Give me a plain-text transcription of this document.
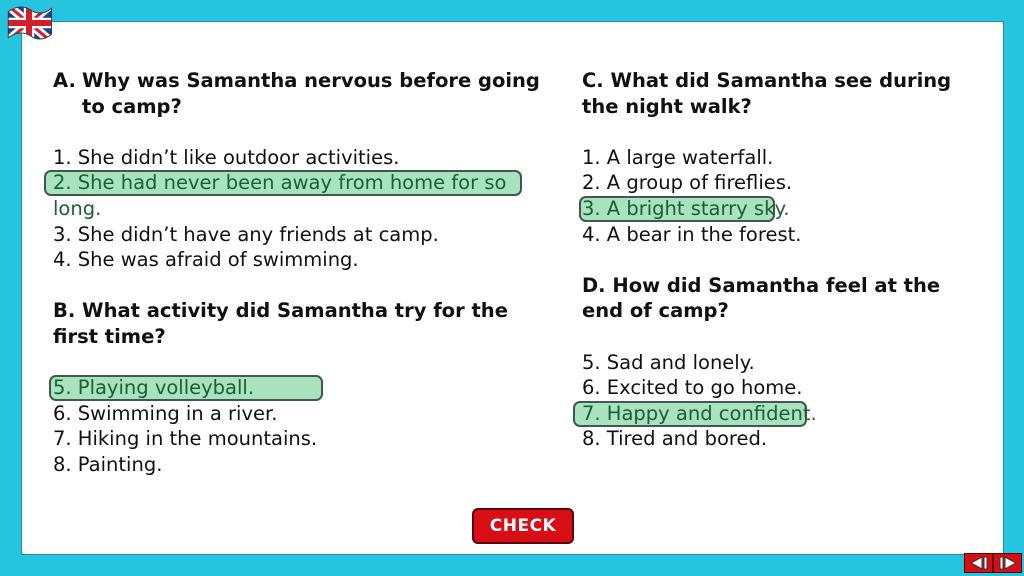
A. Why was Samantha nervous before going to camp?
1. She didn’t like outdoor activities.
2. She had never been away from home for so long.
3. She didn’t have any friends at camp.
4. She was afraid of swimming.
B. What activity did Samantha try for the first time?
5. Playing volleyball.
6. Swimming in a river.
7. Hiking in the mountains.
8. Painting.
C. What did Samantha see during the night walk?
1. A large waterfall.
2. A group of fireflies.
3. A bright starry sky.
4. A bear in the forest.
D. How did Samantha feel at the end of camp?
5. Sad and lonely.
6. Excited to go home.
7. Happy and confident.
8. Tired and bored.
CHECK
